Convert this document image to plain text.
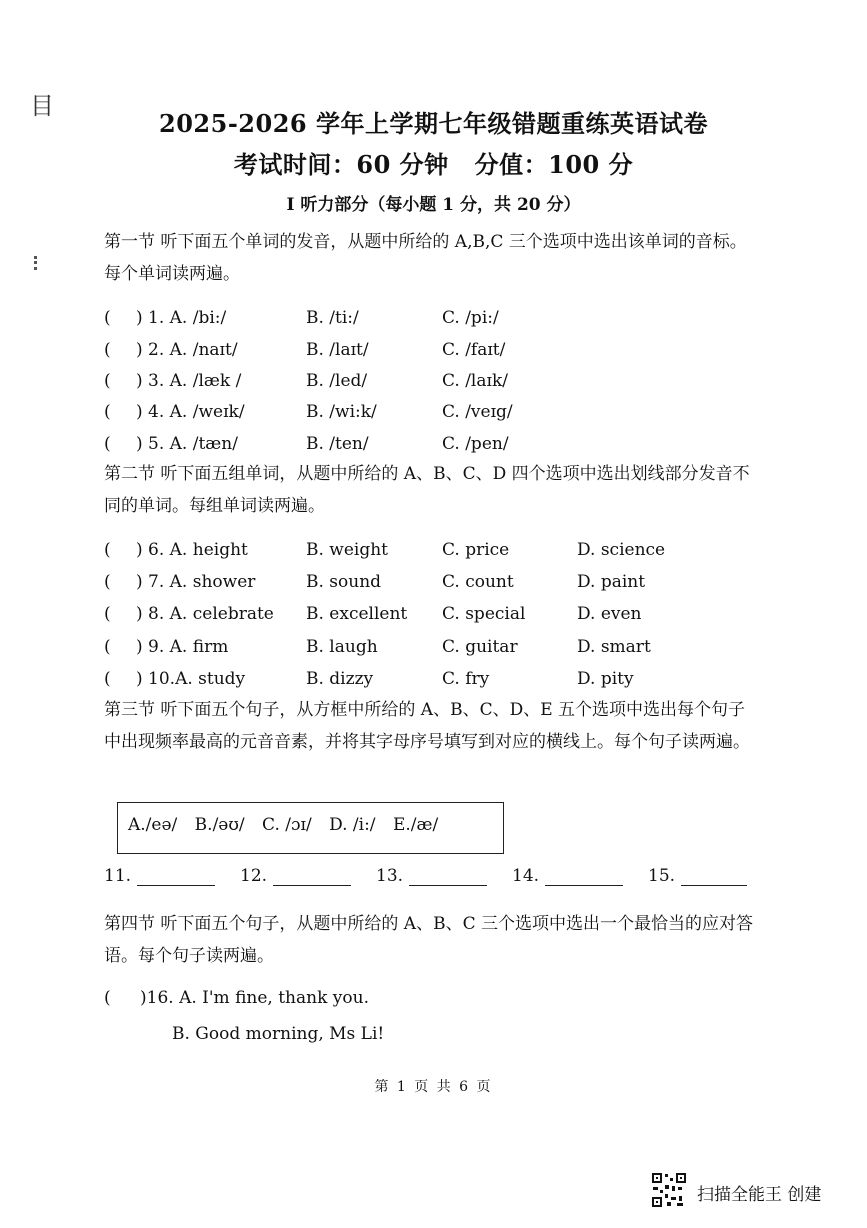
目
2025-2026 学年上学期七年级错题重练英语试卷
考试时间：60 分钟 分值：100 分
I 听力部分（每小题 1 分，共 20 分）
第一节 听下面五个单词的发音，从题中所给的 A,B,C 三个选项中选出该单词的音标。每个单词读两遍。
( ) 1. A. /bi:/	B. /ti:/	C. /pi:/
( ) 2. A. /naɪt/	B. /laɪt/	C. /faɪt/
( ) 3. A. /læk /	B. /led/	C. /laɪk/
( ) 4. A. /weɪk/	B. /wi:k/	C. /veɪg/
( ) 5. A. /tæn/	B. /ten/	C. /pen/
第二节 听下面五组单词，从题中所给的 A、B、C、D 四个选项中选出划线部分发音不同的单词。每组单词读两遍。
( ) 6. A. height	B. weight	C. price	D. science
( ) 7. A. shower	B. sound	C. count	D. paint
( ) 8. A. celebrate B. excellent C. special	D. even
( ) 9. A. firm	B. laugh	C. guitar	D. smart
( ) 10.A. study	B. dizzy	C. fry	D. pity
第三节 听下面五个句子，从方框中所给的 A、B、C、D、E 五个选项中选出每个句子中出现频率最高的元音音素，并将其字母序号填写到对应的横线上。每个句子读两遍。
A./eə/ B./əʊ/ C. /ɔɪ/ D. /i:/ E./æ/
11.	12.	13.	14.	15.
第四节 听下面五个句子，从题中所给的 A、B、C 三个选项中选出一个最恰当的应对答语。每个句子读两遍。
( )16. A. I'm fine, thank you.
B. Good morning, Ms Li!
第 1 页 共 6 页
扫描全能王 创建
